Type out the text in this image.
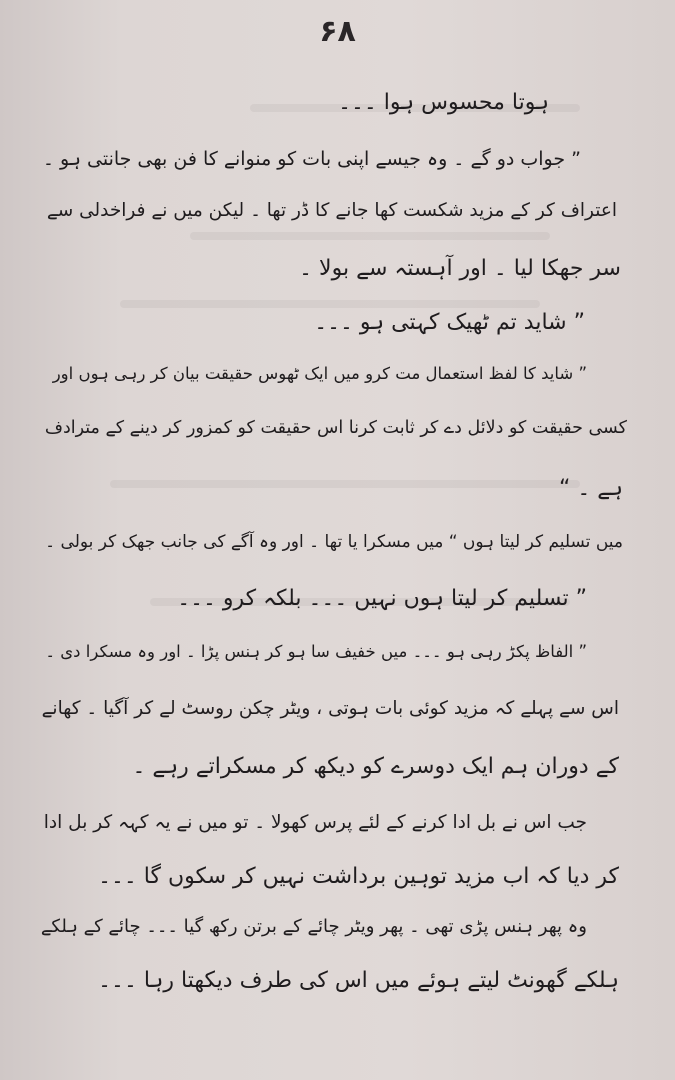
۶۸
ہوتا محسوس ہوا ۔۔۔
” جواب دو گے ۔ وہ جیسے اپنی بات کو منوانے کا فن بھی جانتی ہو ۔
اعتراف کر کے مزید شکست کھا جانے کا ڈر تھا ۔ لیکن میں نے فراخدلی سے
سر جھکا لیا ۔ اور آہستہ سے بولا ۔
” شاید تم ٹھیک کہتی ہو ۔۔۔
” شاید کا لفظ استعمال مت کرو میں ایک ٹھوس حقیقت بیان کر رہی ہوں اور
کسی حقیقت کو دلائل دے کر ثابت کرنا اس حقیقت کو کمزور کر دینے کے مترادف
ہے ۔ “
میں تسلیم کر لیتا ہوں “ میں مسکرا یا تھا ۔ اور وہ آگے کی جانب جھک کر بولی ۔
” تسلیم کر لیتا ہوں نہیں ۔۔۔ بلکہ کرو ۔۔۔
” الفاظ پکڑ رہی ہو ۔۔۔ میں خفیف سا ہو کر ہنس پڑا ۔ اور وہ مسکرا دی ۔
اس سے پہلے کہ مزید کوئی بات ہوتی ، ویٹر چکن روسٹ لے کر آگیا ۔ کھانے
کے دوران ہم ایک دوسرے کو دیکھ کر مسکراتے رہے ۔
جب اس نے بل ادا کرنے کے لئے پرس کھولا ۔ تو میں نے یہ کہہ کر بل ادا
کر دیا کہ اب مزید توہین برداشت نہیں کر سکوں گا ۔۔۔
وہ پھر ہنس پڑی تھی ۔ پھر ویٹر چائے کے برتن رکھ گیا ۔۔۔ چائے کے ہلکے
ہلکے گھونٹ لیتے ہوئے میں اس کی طرف دیکھتا رہا ۔۔۔
